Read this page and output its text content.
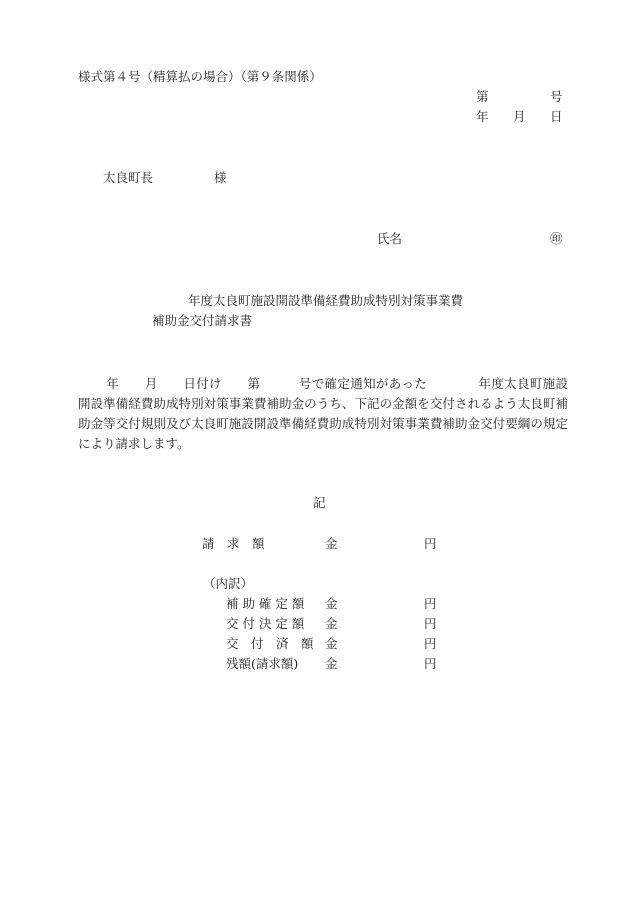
様式第４号（精算払の場合）（第９条関係）
第	号
年 月 日
太良町長	様
氏名	㊞
年度太良町施設開設準備経費助成特別対策事業費
補助金交付請求書
年　　月　　日付け　　第　　　号で確定通知があった　　　　年度太良町施設開設準備経費助成特別対策事業費補助金のうち、下記の金額を交付されるよう太良町補助金等交付規則及び太良町施設開設準備経費助成特別対策事業費補助金交付要綱の規定により請求します。
記
請　求　額	金	円
（内訳）
補 助 確 定 額 金	円
交 付 決 定 額 金	円
交　付　済　額 金	円
残額(請求額) 金	円
